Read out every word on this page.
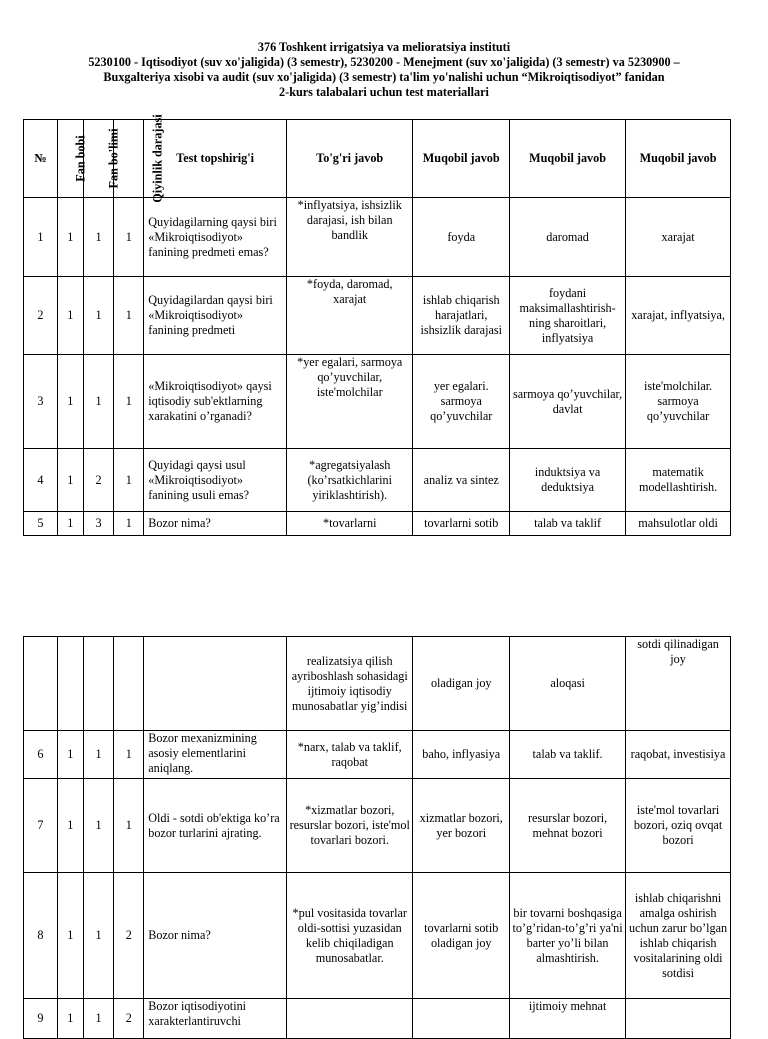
376 Toshkent irrigatsiya va melioratsiya instituti
5230100 - Iqtisodiyot (suv xo'jaligida) (3 semestr), 5230200 - Menejment (suv xo'jaligida) (3 semestr) va 5230900 –
Buxgalteriya xisobi va audit (suv xo'jaligida) (3 semestr) ta'lim yo'nalishi uchun “Mikroiqtisodiyot” fanidan
2-kurs talabalari uchun test materiallari
№	Fan bobi	Fan bo'limi	Qiyinlik darajasi	Test topshirig'i	To'g'ri javob	Muqobil javob	Muqobil javob	Muqobil javob
1	1	1	1	Quyidagilarning qaysi biri «Mikroiqtisodiyot» fanining predmeti emas?	*inflyatsiya, ishsizlik darajasi, ish bilan bandlik	foyda	daromad	xarajat
2	1	1	1	Quyidagilardan qaysi biri «Mikroiqtisodiyot» fanining predmeti	*foyda, daromad, xarajat	ishlab chiqarish harajatlari, ishsizlik darajasi	foydani maksimallashtirish-ning sharoitlari, inflyatsiya	xarajat, inflyatsiya,
3	1	1	1	«Mikroiqtisodiyot» qaysi iqtisodiy sub'ektlarning xarakatini o’rganadi?	*yer egalari, sarmoya qo’yuvchilar, iste'molchilar	yer egalari. sarmoya qo’yuvchilar	sarmoya qo’yuvchilar, davlat	iste'molchilar. sarmoya qo’yuvchilar
4	1	2	1	Quyidagi qaysi usul «Mikroiqtisodiyot» fanining usuli emas?	*agregatsiyalash (ko’rsatkichlarini yiriklashtirish).	analiz va sintez	induktsiya va deduktsiya	matematik modellashtirish.
5	1	3	1	Bozor nima?	*tovarlarni	tovarlarni sotib	talab va taklif	mahsulotlar oldi
					realizatsiya qilish ayriboshlash sohasidagi ijtimoiy iqtisodiy munosabatlar yig’indisi	oladigan joy	aloqasi	sotdi qilinadigan joy
6	1	1	1	Bozor mexanizmining asosiy elementlarini aniqlang.	*narx, talab va taklif, raqobat	baho, inflyasiya	talab va taklif.	raqobat, investisiya
7	1	1	1	Oldi - sotdi ob'ektiga ko’ra bozor turlarini ajrating.	*xizmatlar bozori, resurslar bozori, iste'mol tovarlari bozori.	xizmatlar bozori, yer bozori	resurslar bozori, mehnat bozori	iste'mol tovarlari bozori, oziq ovqat bozori
8	1	1	2	Bozor nima?	*pul vositasida tovarlar oldi-sottisi yuzasidan kelib chiqiladigan munosabatlar.	tovarlarni sotib oladigan joy	bir tovarni boshqasiga to’g’ridan-to’g’ri ya'ni barter yo’li bilan almashtirish.	ishlab chiqarishni amalga oshirish uchun zarur bo’lgan ishlab chiqarish vositalarining oldi sotdisi
9	1	1	2	Bozor iqtisodiyotini xarakterlantiruvchi			ijtimoiy mehnat	
